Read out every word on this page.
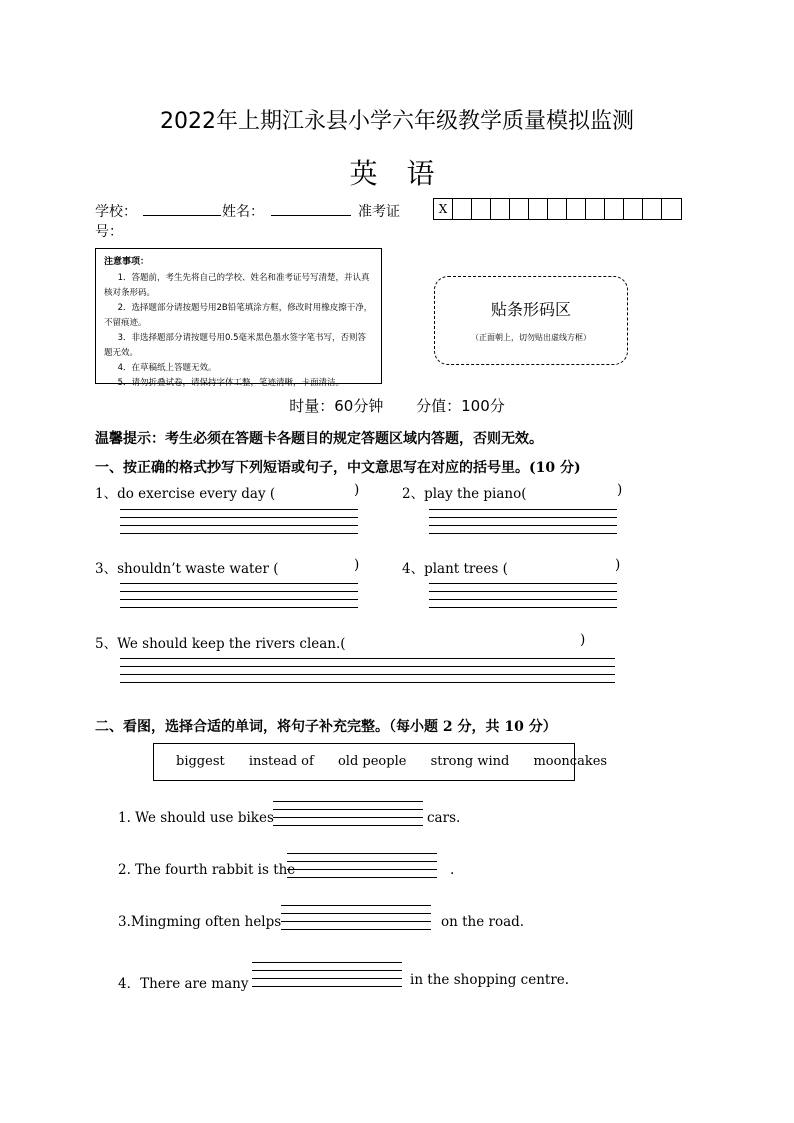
2022年上期江永县小学六年级教学质量模拟监测
英 语
学校：	姓名：	准考证
号：
X
注意事项：
1．答题前，考生先将自己的学校、姓名和准考证号写清楚，并认真核对条形码。
2．选择题部分请按题号用2B铅笔填涂方框，修改时用橡皮擦干净，不留痕迹。
3．非选择题部分请按题号用0.5毫米黑色墨水签字笔书写，否则答题无效。
4．在草稿纸上答题无效。
5．请勿折叠试卷，请保持字体工整，笔迹清晰，卡面清洁。
贴条形码区
（正面朝上，切勿贴出虚线方框）
时量：60分钟 分值：100分
温馨提示：考生必须在答题卡各题目的规定答题区域内答题，否则无效。
一、按正确的格式抄写下列短语或句子，中文意思写在对应的括号里。(10 分)
1、do exercise every day (	)	2、play the piano(	)
3、shouldn’t waste water (	)	4、plant trees (	)
5、We should keep the rivers clean.(	)
二、看图，选择合适的单词，将句子补充完整。（每小题 2 分，共 10 分）
biggest instead of old people strong wind mooncakes
1. We should use bikes	cars.
2. The fourth rabbit is the	.
3.Mingming often helps	on the road.
4．There are many	in the shopping centre.
